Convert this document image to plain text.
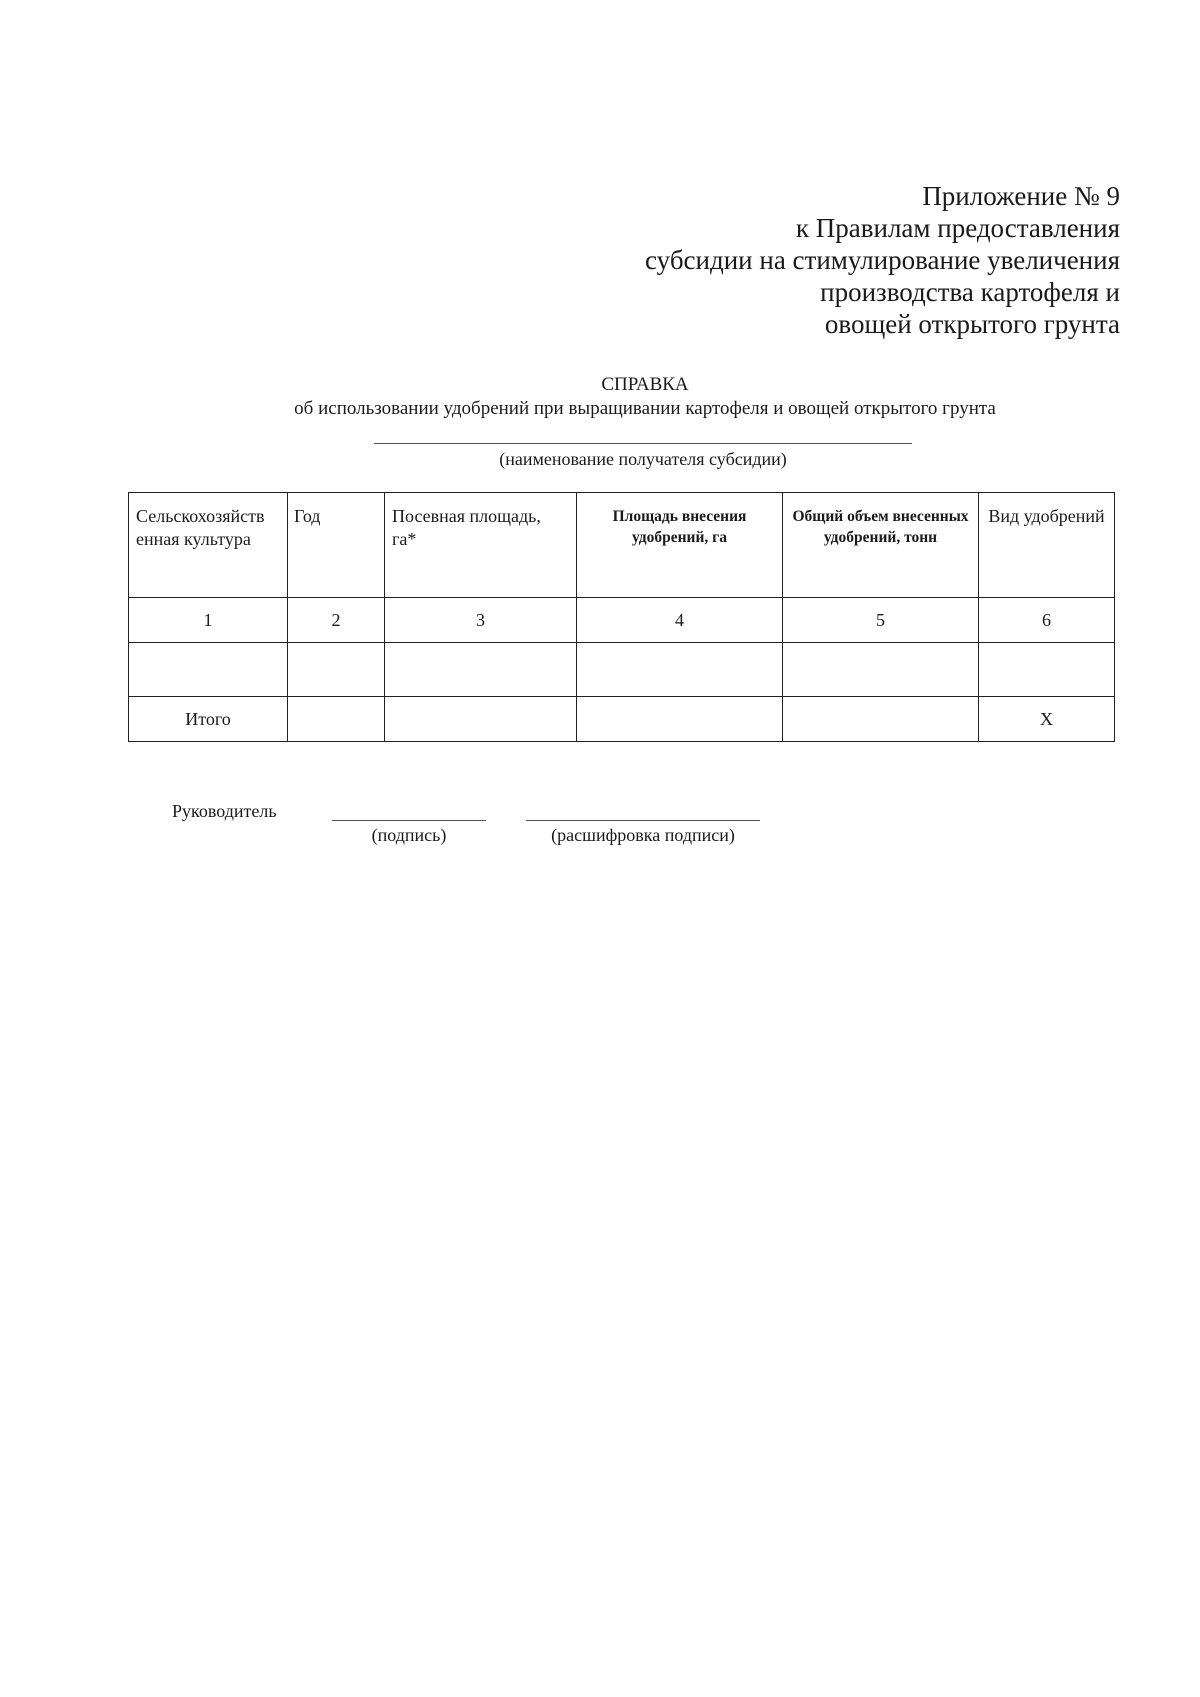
Приложение № 9
к Правилам предоставления
субсидии на стимулирование увеличения
производства картофеля и
овощей открытого грунта
СПРАВКА
об использовании удобрений при выращивании картофеля и овощей открытого грунта
(наименование получателя субсидии)
Сельскохозяйств енная культура	Год	Посевная площадь, га*	Площадь внесения удобрений, га	Общий объем внесенных удобрений, тонн	Вид удобрений
1	2	3	4	5	6

Итого					X
Руководитель
(подпись)	(расшифровка подписи)
